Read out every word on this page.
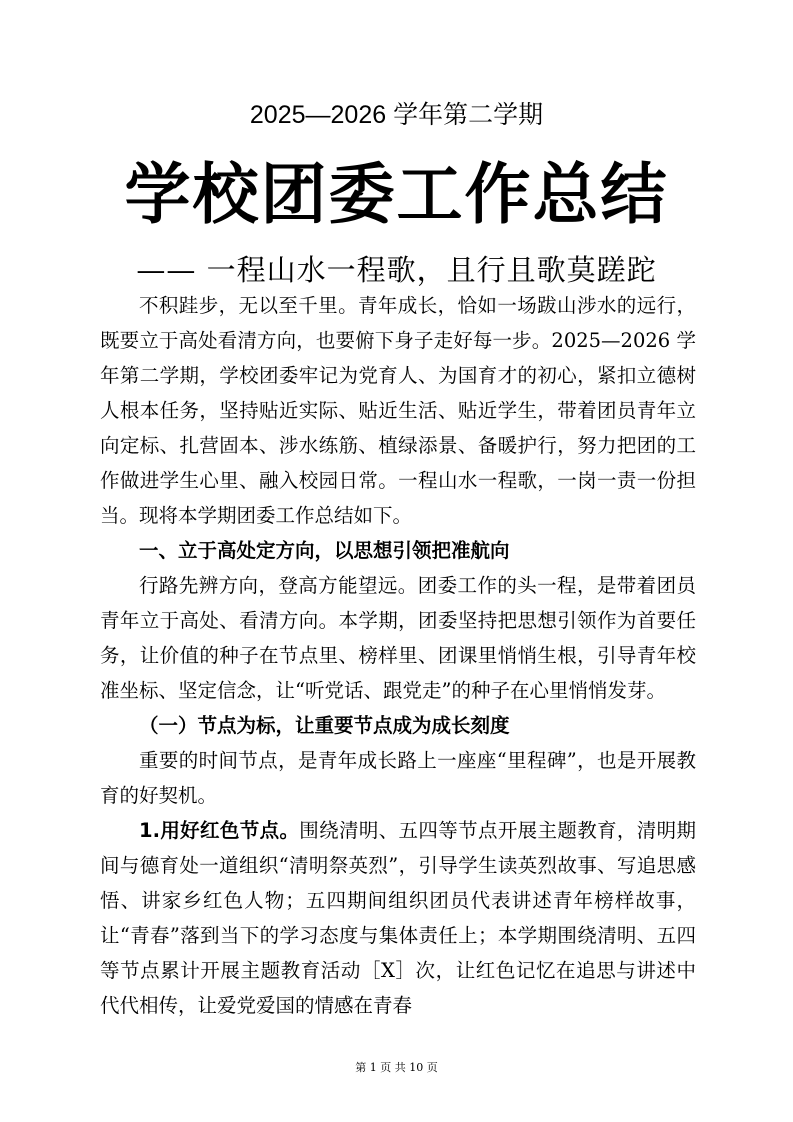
2025—2026 学年第二学期
学校团委工作总结
—— 一程山水一程歌，且行且歌莫蹉跎

不积跬步，无以至千里。青年成长，恰如一场跋山涉水的远行，既要立于高处看清方向，也要俯下身子走好每一步。2025—2026 学年第二学期，学校团委牢记为党育人、为国育才的初心，紧扣立德树人根本任务，坚持贴近实际、贴近生活、贴近学生，带着团员青年立向定标、扎营固本、涉水练筋、植绿添景、备暖护行，努力把团的工作做进学生心里、融入校园日常。一程山水一程歌，一岗一责一份担当。现将本学期团委工作总结如下。

一、立于高处定方向，以思想引领把准航向

行路先辨方向，登高方能望远。团委工作的头一程，是带着团员青年立于高处、看清方向。本学期，团委坚持把思想引领作为首要任务，让价值的种子在节点里、榜样里、团课里悄悄生根，引导青年校准坐标、坚定信念，让“听党话、跟党走”的种子在心里悄悄发芽。

（一）节点为标，让重要节点成为成长刻度

重要的时间节点，是青年成长路上一座座“里程碑”，也是开展教育的好契机。

1.用好红色节点。围绕清明、五四等节点开展主题教育，清明期间与德育处一道组织“清明祭英烈”，引导学生读英烈故事、写追思感悟、讲家乡红色人物；五四期间组织团员代表讲述青年榜样故事，让“青春”落到当下的学习态度与集体责任上；本学期围绕清明、五四等节点累计开展主题教育活动［X］次，让红色记忆在追思与讲述中代代相传，让爱党爱国的情感在青春

第 1 页 共 10 页
